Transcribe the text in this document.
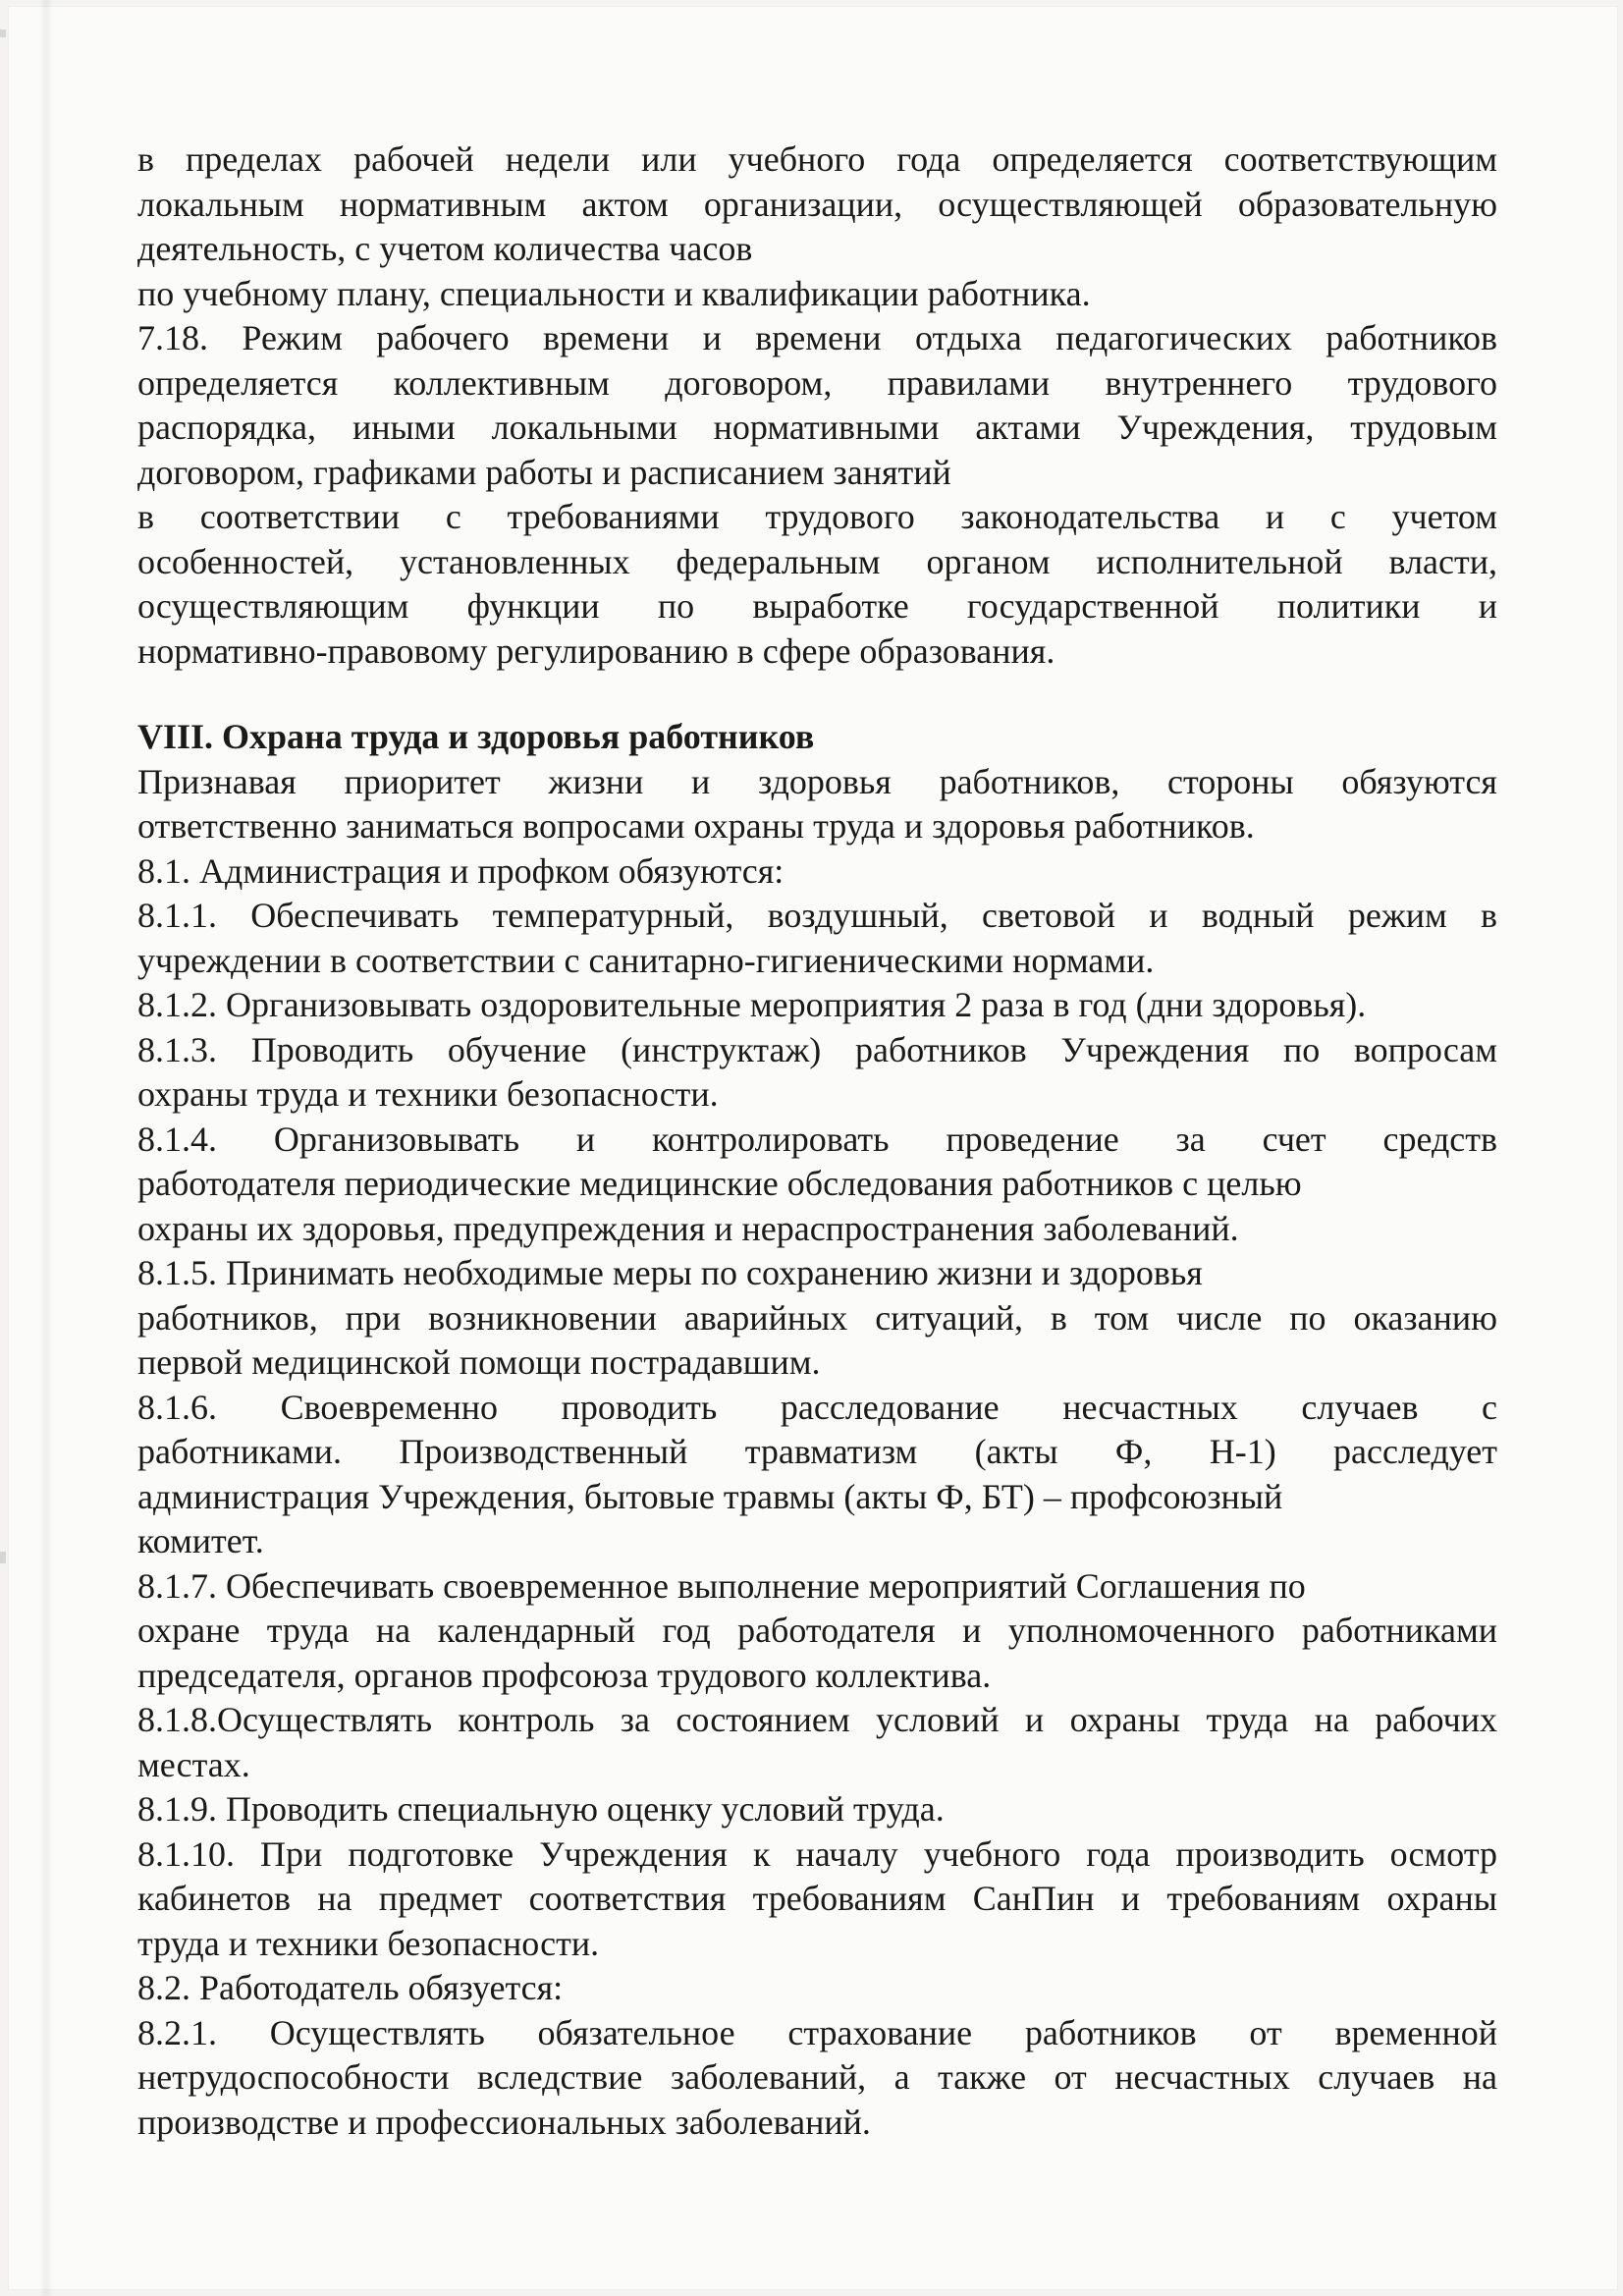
в пределах рабочей недели или учебного года определяется соответствующим

локальным нормативным актом организации, осуществляющей образовательную

деятельность, с учетом количества часов

по учебному плану, специальности и квалификации работника.

7.18. Режим рабочего времени и времени отдыха педагогических работников

определяется коллективным договором, правилами внутреннего трудового

распорядка, иными локальными нормативными актами Учреждения, трудовым

договором, графиками работы и расписанием занятий

в соответствии с требованиями трудового законодательства и с учетом

особенностей, установленных федеральным органом исполнительной власти,

осуществляющим функции по выработке государственной политики и

нормативно-правовому регулированию в сфере образования.

VIII. Охрана труда и здоровья работников

Признавая приоритет жизни и здоровья работников, стороны обязуются

ответственно заниматься вопросами охраны труда и здоровья работников.

8.1. Администрация и профком обязуются:

8.1.1. Обеспечивать температурный, воздушный, световой и водный режим в

учреждении в соответствии с санитарно-гигиеническими нормами.

8.1.2. Организовывать оздоровительные мероприятия 2 раза в год (дни здоровья).

8.1.3. Проводить обучение (инструктаж) работников Учреждения по вопросам

охраны труда и техники безопасности.

8.1.4. Организовывать и контролировать проведение за счет средств

работодателя периодические медицинские обследования работников с целью

охраны их здоровья, предупреждения и нераспространения заболеваний.

8.1.5. Принимать необходимые меры по сохранению жизни и здоровья

работников, при возникновении аварийных ситуаций, в том числе по оказанию

первой медицинской помощи пострадавшим.

8.1.6. Своевременно проводить расследование несчастных случаев с

работниками. Производственный травматизм (акты Ф, Н-1) расследует

администрация Учреждения, бытовые травмы (акты Ф, БТ) – профсоюзный

комитет.

8.1.7. Обеспечивать своевременное выполнение мероприятий Соглашения по

охране труда на календарный год работодателя и уполномоченного работниками

председателя, органов профсоюза трудового коллектива.

8.1.8.Осуществлять контроль за состоянием условий и охраны труда на рабочих

местах.

8.1.9. Проводить специальную оценку условий труда.

8.1.10. При подготовке Учреждения к началу учебного года производить осмотр

кабинетов на предмет соответствия требованиям СанПин и требованиям охраны

труда и техники безопасности.

8.2. Работодатель обязуется:

8.2.1. Осуществлять обязательное страхование работников от временной

нетрудоспособности вследствие заболеваний, а также от несчастных случаев на

производстве и профессиональных заболеваний.
